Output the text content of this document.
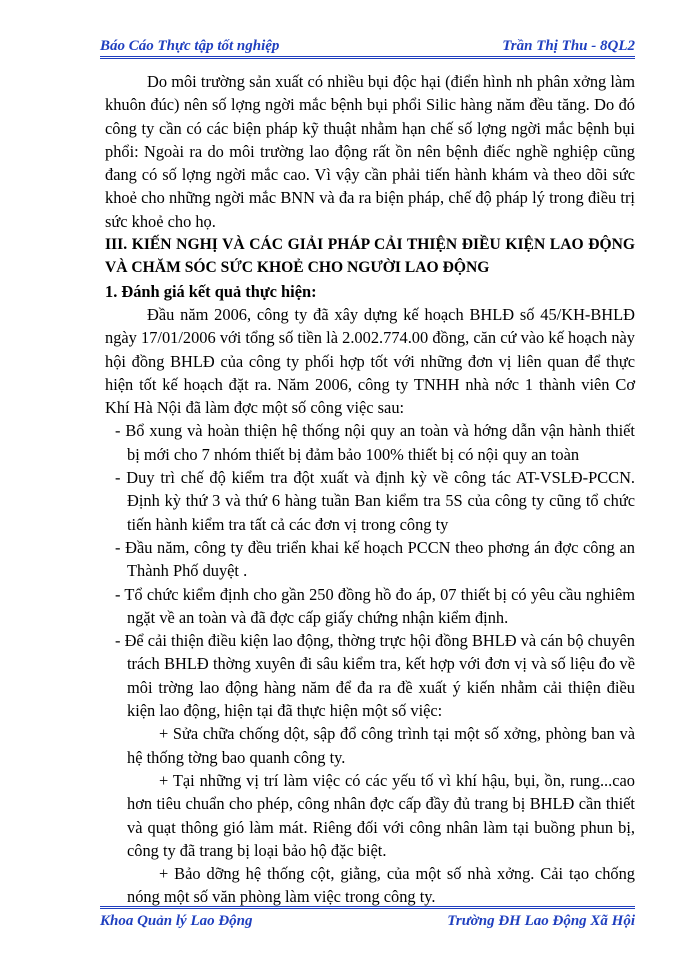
Báo Cáo Thực tập tốt nghiệp	Trần Thị Thu - 8QL2

Do môi trường sản xuất có nhiều bụi độc hại (điển hình nh phân xởng làm khuôn đúc) nên số lợng ngời mắc bệnh bụi phổi Silic hàng năm đều tăng. Do đó công ty cần có các biện pháp kỹ thuật nhằm hạn chế số lợng ngời mắc bệnh bụi phổi: Ngoài ra do môi trường lao động rất ồn nên bệnh điếc nghề nghiệp cũng đang có số lợng ngời mắc cao. Vì vậy cần phải tiến hành khám và theo dõi sức khoẻ cho những ngời mắc BNN và đa ra biện pháp, chế độ pháp lý trong điều trị sức khoẻ cho họ.

III. KIẾN NGHỊ VÀ CÁC GIẢI PHÁP CẢI THIỆN ĐIỀU KIỆN LAO ĐỘNG VÀ CHĂM SÓC SỨC KHOẺ CHO NGƯỜI LAO ĐỘNG

1. Đánh giá kết quả thực hiện:

Đầu năm 2006, công ty đã xây dựng kế hoạch BHLĐ số 45/KH-BHLĐ ngày 17/01/2006 với tổng số tiền là 2.002.774.00 đồng, căn cứ vào kế hoạch này hội đồng BHLĐ của công ty phối hợp tốt với những đơn vị liên quan để thực hiện tốt kế hoạch đặt ra. Năm 2006, công ty TNHH nhà nớc 1 thành viên Cơ Khí Hà Nội đã làm đợc một số công việc sau:

- Bổ xung và hoàn thiện hệ thống nội quy an toàn và hớng dẫn vận hành thiết bị mới cho 7 nhóm thiết bị đảm bảo 100% thiết bị có nội quy an toàn

- Duy trì chế độ kiểm tra đột xuất và định kỳ về công tác AT-VSLĐ-PCCN. Định kỳ thứ 3 và thứ 6 hàng tuần Ban kiểm tra 5S của công ty cũng tổ chức tiến hành kiểm tra tất cả các đơn vị trong công ty

- Đầu năm, công ty đều triển khai kế hoạch PCCN theo phơng án đợc công an Thành Phố duyệt .

- Tổ chức kiểm định cho gần 250 đồng hồ đo áp, 07 thiết bị có yêu cầu nghiêm ngặt về an toàn và đã đợc cấp giấy chứng nhận kiểm định.

- Để cải thiện điều kiện lao động, thờng trực hội đồng BHLĐ và cán bộ chuyên trách BHLĐ thờng xuyên đi sâu kiểm tra, kết hợp với đơn vị và số liệu đo về môi trờng lao động hàng năm để đa ra đề xuất ý kiến nhằm cải thiện điều kiện lao động, hiện tại đã thực hiện một số việc:

+ Sửa chữa chống dột, sập đổ công trình tại một số xởng, phòng ban và hệ thống tờng bao quanh công ty.

+ Tại những vị trí làm việc có các yếu tố vì khí hậu, bụi, ồn, rung...cao hơn tiêu chuẩn cho phép, công nhân đợc cấp đầy đủ trang bị BHLĐ cần thiết và quạt thông gió làm mát. Riêng đối với công nhân làm tại buồng phun bị, công ty đã trang bị loại bảo hộ đặc biệt.

+ Bảo dỡng hệ thống cột, giằng, của một số nhà xởng. Cải tạo chống nóng một số văn phòng làm việc trong công ty.

Khoa Quản lý Lao Động	Trường ĐH Lao Động Xã Hội
